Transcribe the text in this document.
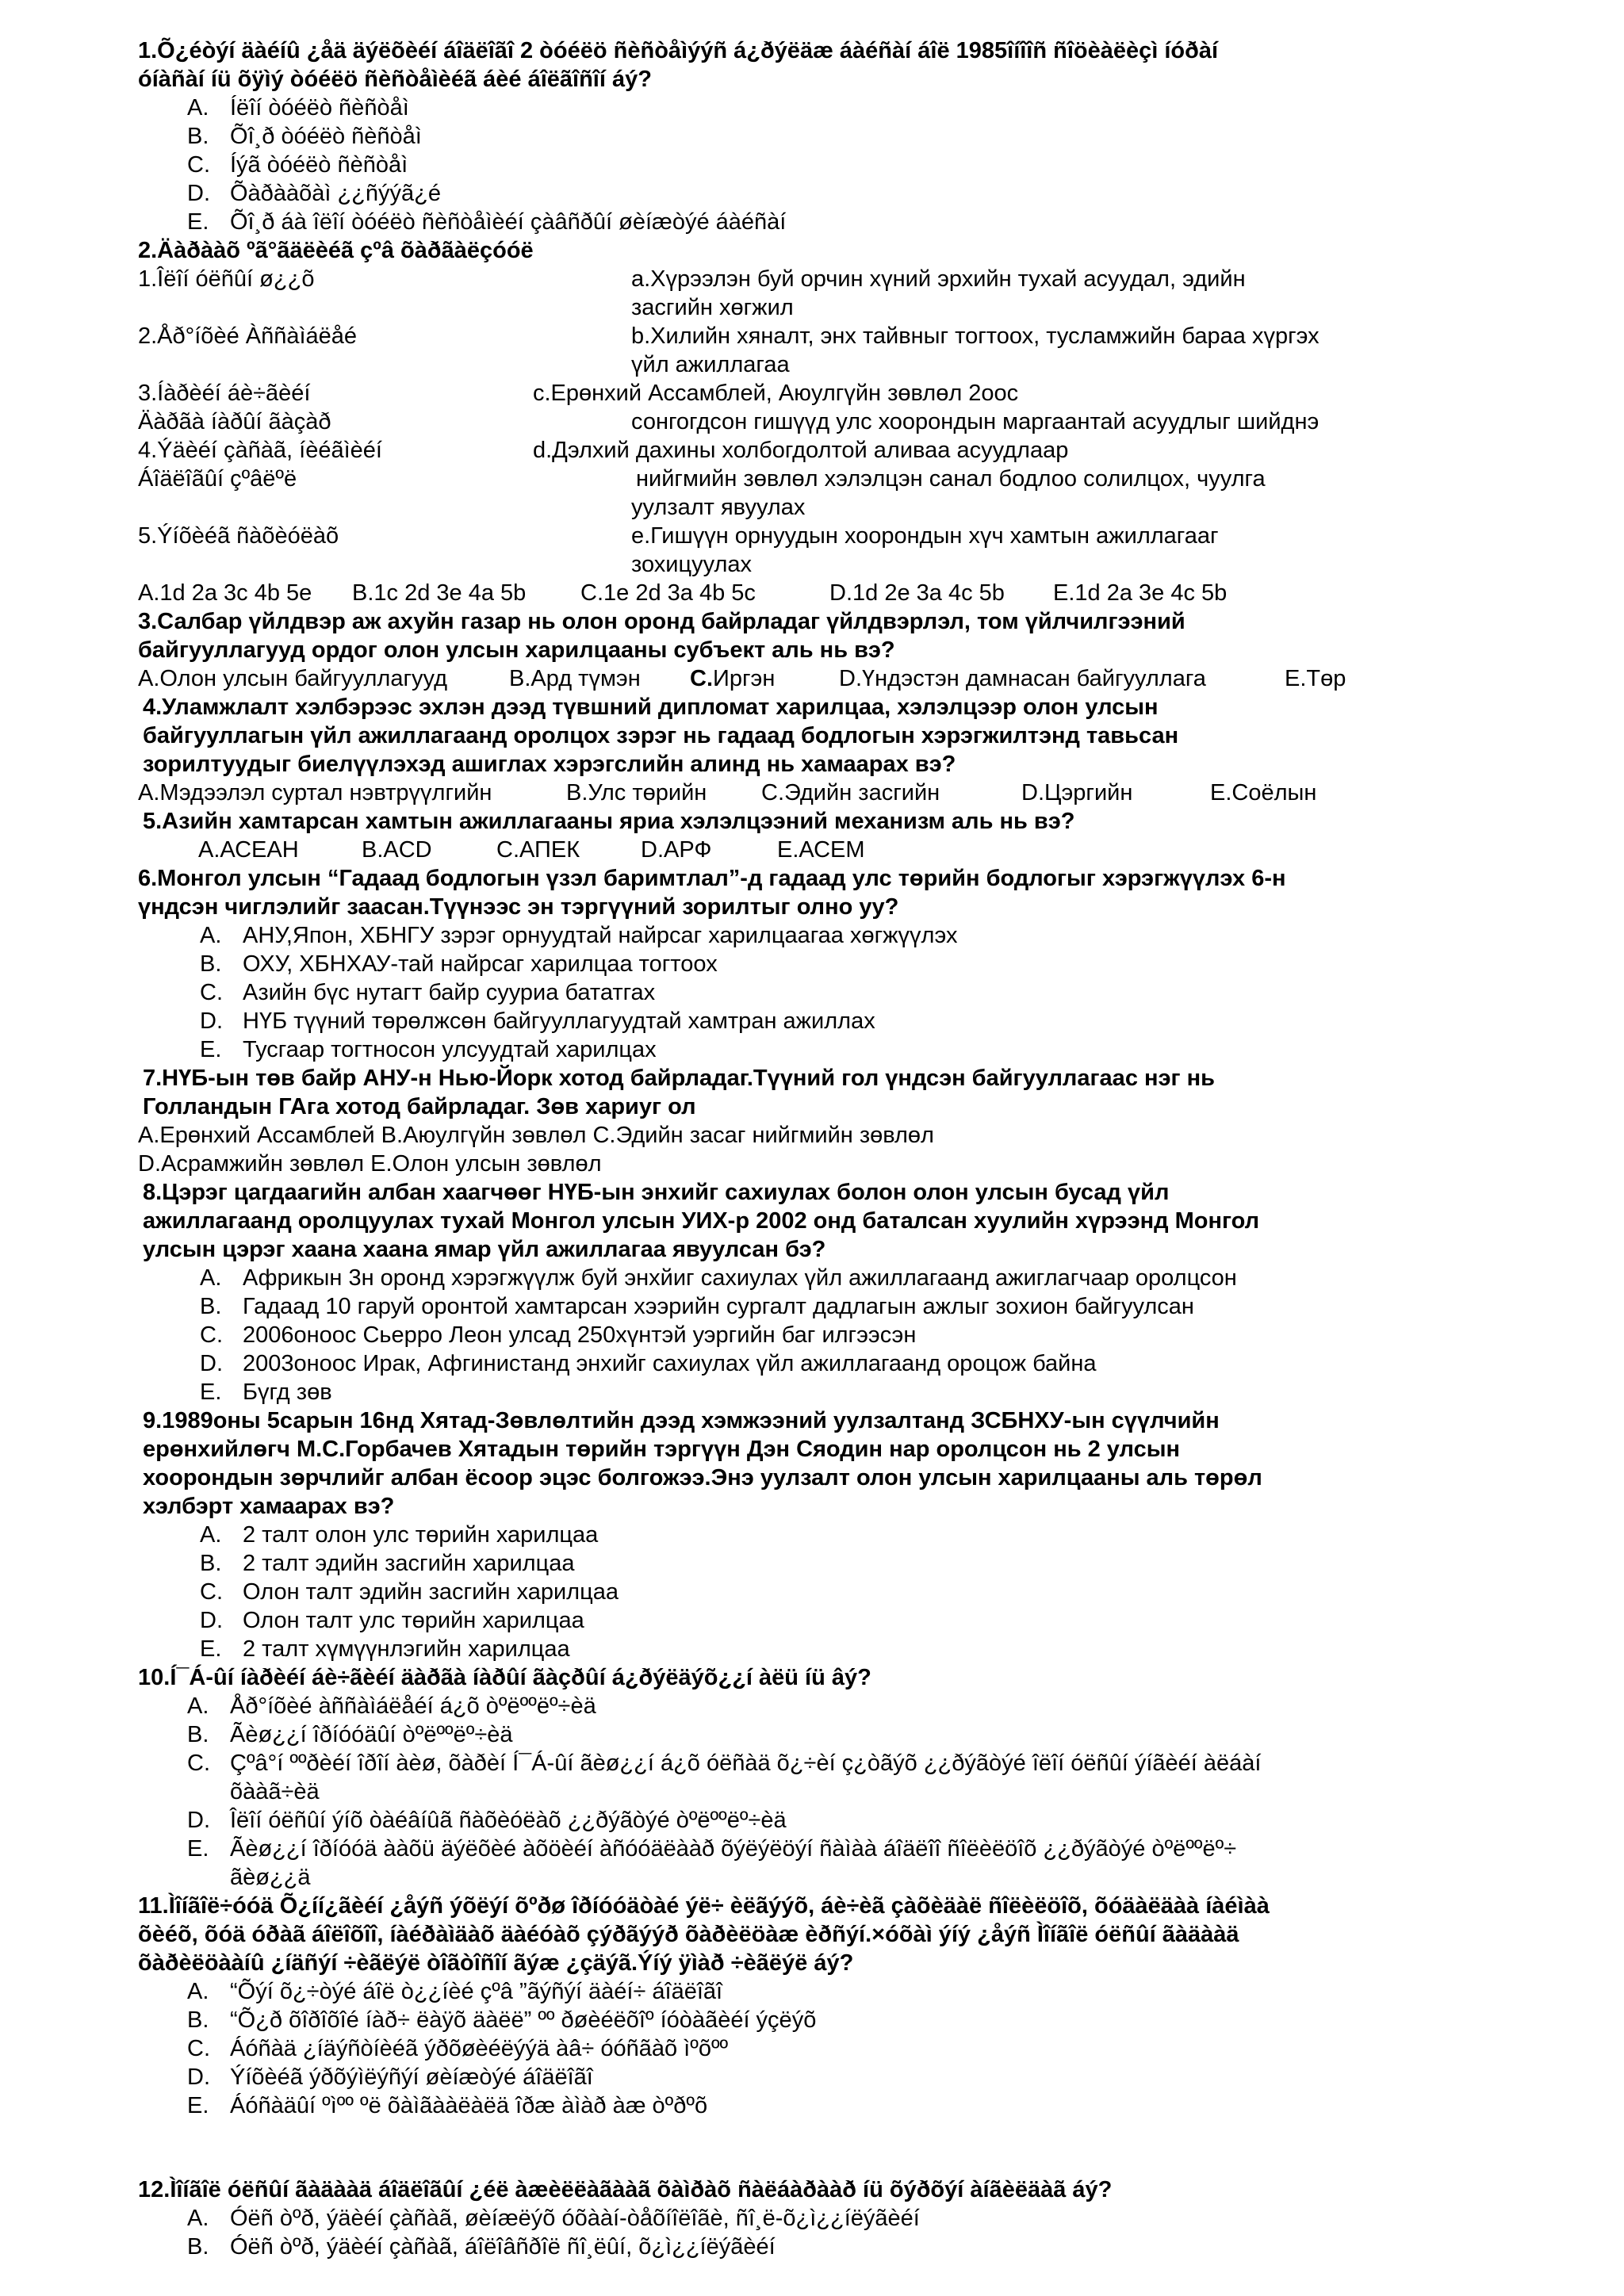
1.Õ¿éòýí äàéíû ¿åä äýëõèéí áîäëîãî 2 òóéëö ñèñòåìýýñ á¿ðýëäæ áàéñàí áîë 1985îíîîñ ñîöèàëèçì íóðàí
óíàñàí íü õÿìý òóéëö ñèñòåìèéã áèé áîëãîñîí áý?
A. Íëîí òóéëò ñèñòåì
B. Õî¸ð òóéëò ñèñòåì
C. Íýã òóéëò ñèñòåì
D. Õàðààõàì ¿¿ñýýã¿é
E. Õî¸ð áà îëîí òóéëò ñèñòåìèéí çàâñðûí øèíæòýé áàéñàí
2.Äàðààõ ºã°ãäëèéã çºâ õàðãàëçóóë
1.Îëîí óëñûí ø¿¿õ	a.Хүрээлэн буй орчин хүний эрхийн тухай асуудал, эдийн
засгийн хөгжил
2.Åð°íõèé Àññàìáëåé	b.Хилийн хяналт, энх тайвныг тогтоох, тусламжийн бараа хүргэх
үйл ажиллагаа
3.Íàðèéí áè÷ãèéí	c.Ерөнхий Ассамблей, Аюулгүйн зөвлөл 2оос
Äàðãà íàðûí ãàçàð	сонгогдсон гишүүд улс хоорондын маргаантай асуудлыг шийднэ
4.Ýäèéí çàñàã, íèéãìèéí	d.Дэлхий дахины холбогдолтой аливаа асуудлаар
Áîäëîãûí çºâëºë	нийгмийн зөвлөл хэлэлцэн санал бодлоо солилцох, чуулга
уулзалт явуулах
5.Ýíõèéã ñàõèóëàõ	e.Гишүүн орнуудын хоорондын хүч хамтын ажиллагааг
зохицуулах
A.1d 2a 3c 4b 5e B.1c 2d 3e 4a 5b C.1e 2d 3a 4b 5c	D.1d 2e 3a 4c 5b E.1d 2a 3e 4c 5b
3.Салбар үйлдвэр аж ахуйн газар нь олон оронд байрладаг үйлдвэрлэл, том үйлчилгээний
байгууллагууд ордог олон улсын харилцааны субъект аль нь вэ?
A.Олон улсын байгууллагууд	B.Ард түмэн C.Иргэн	D.Үндэстэн дамнасан байгууллага	E.Төр
4.Уламжлалт хэлбэрээс эхлэн дээд түвшний дипломат харилцаа, хэлэлцээр олон улсын
байгууллагын үйл ажиллагаанд оролцох зэрэг нь гадаад бодлогын хэрэгжилтэнд тавьсан
зорилтуудыг биелүүлэхэд ашиглах хэрэгслийн алинд нь хамаарах вэ?
A.Мэдээлэл суртал нэвтрүүлгийн	B.Улс төрийн C.Эдийн засгийн	D.Цэргийн	E.Соёлын
5.Азийн хамтарсан хамтын ажиллагааны яриа хэлэлцээний механизм аль нь вэ?
A.АСЕАН	B.ACD	C.АПЕК	D.АРФ	E.АСЕМ
6.Монгол улсын “Гадаад бодлогын үзэл баримтлал”-д гадаад улс төрийн бодлогыг хэрэгжүүлэх 6-н
үндсэн чиглэлийг заасан.Түүнээс эн тэргүүний зорилтыг олно уу?
A. АНУ,Япон, ХБНГУ зэрэг орнуудтай найрсаг харилцаагаа хөгжүүлэх
B. ОХУ, ХБНХАУ-тай найрсаг харилцаа тогтоох
C. Азийн бүс нутагт байр сууриа бататгах
D. НҮБ түүний төрөлжсөн байгууллагуудтай хамтран ажиллах
E. Тусгаар тогтносон улсуудтай харилцах
7.НҮБ-ын төв байр АНУ-н Нью-Йорк хотод байрладаг.Түүний гол үндсэн байгууллагаас нэг нь
Голландын ГАга хотод байрладаг. Зөв хариуг ол
A.Ерөнхий Ассамблей B.Аюулгүйн зөвлөл C.Эдийн засаг нийгмийн зөвлөл
D.Асрамжийн зөвлөл E.Олон улсын зөвлөл
8.Цэрэг цагдаагийн албан хаагчөөг НҮБ-ын энхийг сахиулах болон олон улсын бусад үйл
ажиллагаанд оролцуулах тухай Монгол улсын УИХ-р 2002 онд баталсан хуулийн хүрээнд Монгол
улсын цэрэг хаана хаана ямар үйл ажиллагаа явуулсан бэ?
A. Африкын 3н оронд хэрэгжүүлж буй энхйиг сахиулах үйл ажиллагаанд ажиглагчаар оролцсон
B. Гадаад 10 гаруй оронтой хамтарсан хээрийн сургалт дадлагын ажлыг зохион байгуулсан
C. 2006оноос Сьерро Леон улсад 250хүнтэй уэргийн баг илгээсэн
D. 2003оноос Ирак, Афгинистанд энхийг сахиулах үйл ажиллагаанд ороцож байна
E. Бүгд зөв
9.1989оны 5сарын 16нд Хятад-Зөвлөлтийн дээд хэмжээний уулзалтанд ЗСБНХУ-ын сүүлчийн
ерөнхийлөгч М.С.Горбачев Хятадын төрийн тэргүүн Дэн Сяодин нар оролцсон нь 2 улсын
хоорондын зөрчлийг албан ёсоор эцэс болгожээ.Энэ уулзалт олон улсын харилцааны аль төрөл
хэлбэрт хамаарах вэ?
A. 2 талт олон улс төрийн харилцаа
B. 2 талт эдийн засгийн харилцаа
C. Олон талт эдийн засгийн харилцаа
D. Олон талт улс төрийн харилцаа
E. 2 талт хүмүүнлэгийн харилцаа
10.Í¯Á-ûí íàðèéí áè÷ãèéí äàðãà íàðûí ãàçðûí á¿ðýëäýõ¿¿í àëü íü âý?
A. Åð°íõèé àññàìáëåéí á¿õ òºëººëº÷èä
B. Ãèø¿¿í îðíóóäûí òºëººëº÷èä
C. Çºâ°í ººðèéí îðîí àèø, õàðèí Í¯Á-ûí ãèø¿¿í á¿õ óëñàä õ¿÷èí ç¿òãýõ ¿¿ðýãòýé îëîí óëñûí ýíãèéí àëáàí
õààã÷èä
D. Îëîí óëñûí ýíõ òàéâíûã ñàõèóëàõ ¿¿ðýãòýé òºëººëº÷èä
E. Ãèø¿¿í îðíóóä ààõü äýëõèé àõöèéí àñóóäëààð õýëýëöýí ñàìàà áîäëîî ñîëèëöîõ ¿¿ðýãòýé òºëººëº÷
ãèø¿¿ä
11.Ìîíãîë÷óóä Õ¿íí¿ãèéí ¿åýñ ýõëýí õºðø îðíóóäòàé ýë÷ èëãýýõ, áè÷èã çàõèäàë ñîëèëöîõ, õóäàëäàà íàéìàà
õèéõ, õóä óðàã áîëîõîî, íàéðàìäàõ äàéóàõ çýðãýýð õàðèëöàæ èðñýí.×óõàì ýíý ¿åýñ Ìîíãîë óëñûí ãàäààä
õàðèëöààíû ¿íäñýí ÷èãëýë òîãòîñîí ãýæ ¿çäýã.Ýíý ÿìàð ÷èãëýë áý?
A. “Õýí õ¿÷òýé áîë ò¿¿íèé çºâ ”ãýñýí äàéí÷ áîäëîãî
B. “Õ¿ð õîðîõîé íàð÷ ëàÿõ äàëë” ºº ðøèéëõîº íóòàãèéí ýçëýõ
C. Áóñàä ¿íäýñòíèéã ýðõøèéëýýä àâ÷ óóñãàõ ìºõºº
D. Ýíõèéã ýðõýìëýñýí øèíæòýé áîäëîãî
E. Áóñàäûí ºìºº ºë õàìãààëàëä îðæ àìàð àæ òºðºõ
12.Ìîíãîë óëñûí ãàäààä áîäëîãûí ¿éë àæèëëàãààã õàìðàõ ñàëáàðààð íü õýðõýí àíãèëäàã áý?
A. Óëñ òºð, ýäèéí çàñàã, øèíæëýõ óõààí-òåõíîëîãè, ñî¸ë-õ¿ì¿¿íëýãèéí
B. Óëñ òºð, ýäèéí çàñàã, áîëîâñðîë ñî¸ëûí, õ¿ì¿¿íëýãèéí
